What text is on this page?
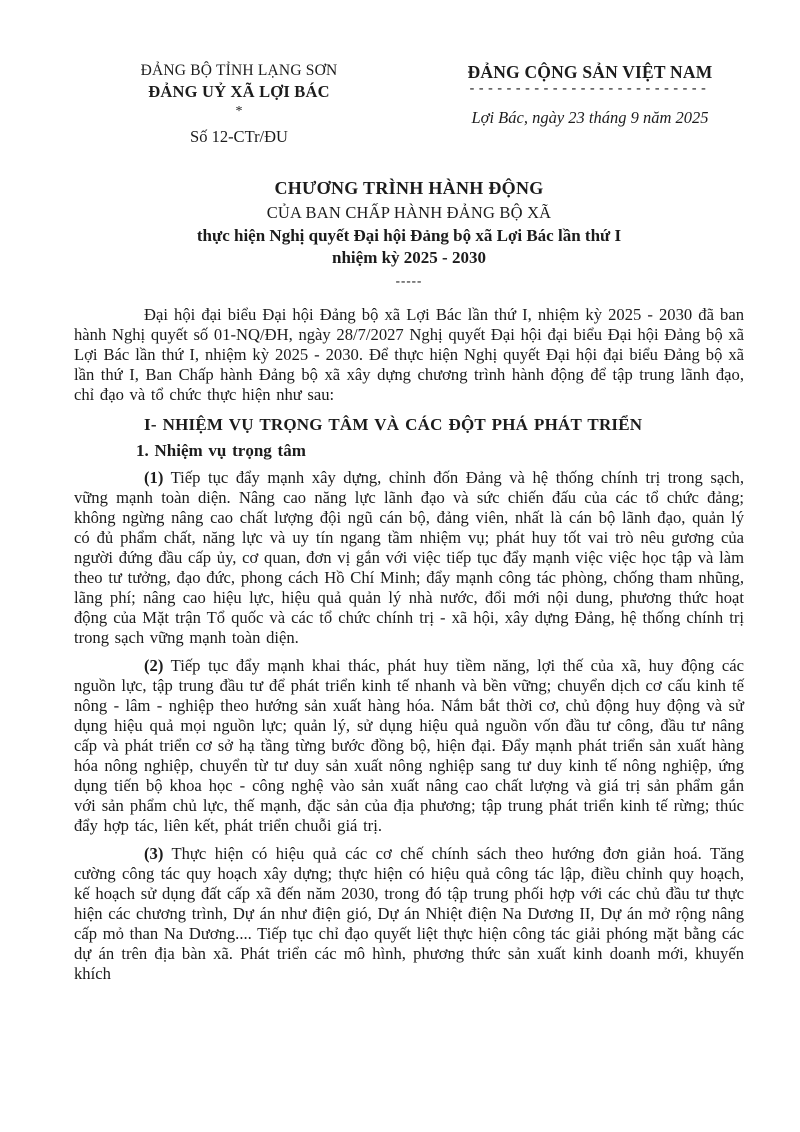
ĐẢNG BỘ TỈNH LẠNG SƠN
ĐẢNG UỶ XÃ LỢI BÁC
*
Số 12-CTr/ĐU
ĐẢNG CỘNG SẢN VIỆT NAM
--------------------------
Lợi Bác, ngày 23 tháng 9 năm 2025
CHƯƠNG TRÌNH HÀNH ĐỘNG
CỦA BAN CHẤP HÀNH ĐẢNG BỘ XÃ
thực hiện Nghị quyết Đại hội Đảng bộ xã Lợi Bác lần thứ I
nhiệm kỳ 2025 - 2030
-----

Đại hội đại biểu Đại hội Đảng bộ xã Lợi Bác lần thứ I, nhiệm kỳ 2025 - 2030 đã ban hành Nghị quyết số 01-NQ/ĐH, ngày 28/7/2027 Nghị quyết Đại hội đại biểu Đại hội Đảng bộ xã Lợi Bác lần thứ I, nhiệm kỳ 2025 - 2030. Để thực hiện Nghị quyết Đại hội đại biểu Đảng bộ xã lần thứ I, Ban Chấp hành Đảng bộ xã xây dựng chương trình hành động để tập trung lãnh đạo, chỉ đạo và tổ chức thực hiện như sau:

I- NHIỆM VỤ TRỌNG TÂM VÀ CÁC ĐỘT PHÁ PHÁT TRIỂN

1. Nhiệm vụ trọng tâm

(1) Tiếp tục đẩy mạnh xây dựng, chỉnh đốn Đảng và hệ thống chính trị trong sạch, vững mạnh toàn diện. Nâng cao năng lực lãnh đạo và sức chiến đấu của các tổ chức đảng; không ngừng nâng cao chất lượng đội ngũ cán bộ, đảng viên, nhất là cán bộ lãnh đạo, quản lý có đủ phẩm chất, năng lực và uy tín ngang tầm nhiệm vụ; phát huy tốt vai trò nêu gương của người đứng đầu cấp ủy, cơ quan, đơn vị gắn với việc tiếp tục đẩy mạnh việc việc học tập và làm theo tư tưởng, đạo đức, phong cách Hồ Chí Minh; đẩy mạnh công tác phòng, chống tham nhũng, lãng phí; nâng cao hiệu lực, hiệu quả quản lý nhà nước, đổi mới nội dung, phương thức hoạt động của Mặt trận Tổ quốc và các tổ chức chính trị - xã hội, xây dựng Đảng, hệ thống chính trị trong sạch vững mạnh toàn diện.

(2) Tiếp tục đẩy mạnh khai thác, phát huy tiềm năng, lợi thế của xã, huy động các nguồn lực, tập trung đầu tư để phát triển kinh tế nhanh và bền vững; chuyển dịch cơ cấu kinh tế nông - lâm - nghiệp theo hướng sản xuất hàng hóa. Nắm bắt thời cơ, chủ động huy động và sử dụng hiệu quả mọi nguồn lực; quản lý, sử dụng hiệu quả nguồn vốn đầu tư công, đầu tư nâng cấp và phát triển cơ sở hạ tầng từng bước đồng bộ, hiện đại. Đẩy mạnh phát triển sản xuất hàng hóa nông nghiệp, chuyển từ tư duy sản xuất nông nghiệp sang tư duy kinh tế nông nghiệp, ứng dụng tiến bộ khoa học - công nghệ vào sản xuất nâng cao chất lượng và giá trị sản phẩm gắn với sản phẩm chủ lực, thế mạnh, đặc sản của địa phương; tập trung phát triển kinh tế rừng; thúc đẩy hợp tác, liên kết, phát triển chuỗi giá trị.

(3) Thực hiện có hiệu quả các cơ chế chính sách theo hướng đơn giản hoá. Tăng cường công tác quy hoạch xây dựng; thực hiện có hiệu quả công tác lập, điều chỉnh quy hoạch, kế hoạch sử dụng đất cấp xã đến năm 2030, trong đó tập trung phối hợp với các chủ đầu tư thực hiện các chương trình, Dự án như điện gió, Dự án Nhiệt điện Na Dương II, Dự án mở rộng nâng cấp mỏ than Na Dương.... Tiếp tục chỉ đạo quyết liệt thực hiện công tác giải phóng mặt bằng các dự án trên địa bàn xã. Phát triển các mô hình, phương thức sản xuất kinh doanh mới, khuyến khích
